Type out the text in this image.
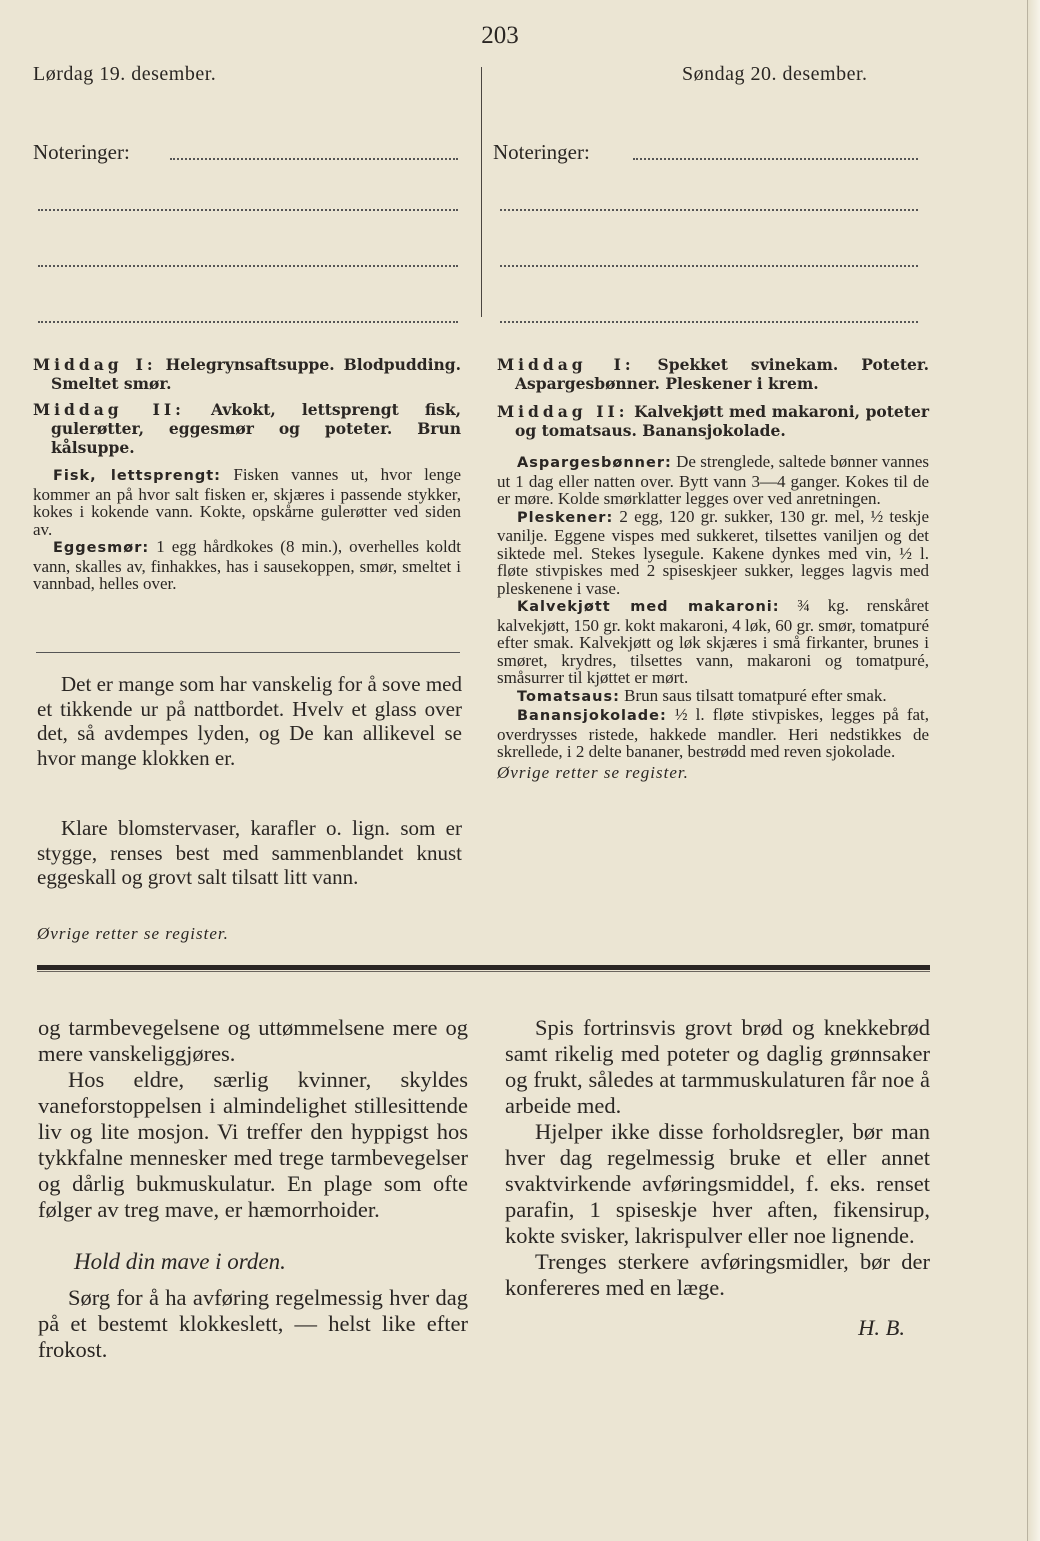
203
Lørdag 19. desember.	Søndag 20. desember.
Noteringer:	Noteringer:

Middag I: Helegrynsaftsuppe. Blodpudding. Smeltet smør.

Middag II: Avkokt, lettsprengt fisk, gulerøtter, eggesmør og poteter. Brun kålsuppe.

Fisk, lettsprengt: Fisken vannes ut, hvor lenge kommer an på hvor salt fisken er, skjæres i passende stykker, kokes i kokende vann. Kokte, opskårne gulerøtter ved siden av.

Eggesmør: 1 egg hårdkokes (8 min.), overhelles koldt vann, skalles av, finhakkes, has i sausekoppen, smør, smeltet i vannbad, helles over.

Det er mange som har vanskelig for å sove med et tikkende ur på nattbordet. Hvelv et glass over det, så avdempes lyden, og De kan allikevel se hvor mange klokken er.

Klare blomstervaser, karafler o. lign. som er stygge, renses best med sammenblandet knust eggeskall og grovt salt tilsatt litt vann.

Øvrige retter se register.

Middag I: Spekket svinekam. Poteter. Aspargesbønner. Pleskener i krem.

Middag II: Kalvekjøtt med makaroni, poteter og tomatsaus. Banansjokolade.

Aspargesbønner: De strenglede, saltede bønner vannes ut 1 dag eller natten over. Bytt vann 3—4 ganger. Kokes til de er møre. Kolde smørklatter legges over ved anretningen.

Pleskener: 2 egg, 120 gr. sukker, 130 gr. mel, ½ teskje vanilje. Eggene vispes med sukkeret, tilsettes vaniljen og det siktede mel. Stekes lysegule. Kakene dynkes med vin, ½ l. fløte stivpiskes med 2 spiseskjeer sukker, legges lagvis med pleskenene i vase.

Kalvekjøtt med makaroni: ¾ kg. renskåret kalvekjøtt, 150 gr. kokt makaroni, 4 løk, 60 gr. smør, tomatpuré efter smak. Kalvekjøtt og løk skjæres i små firkanter, brunes i smøret, krydres, tilsettes vann, makaroni og tomatpuré, småsurrer til kjøttet er mørt.

Tomatsaus: Brun saus tilsatt tomatpuré efter smak.

Banansjokolade: ½ l. fløte stivpiskes, legges på fat, overdrysses ristede, hakkede mandler. Heri nedstikkes de skrellede, i 2 delte bananer, bestrødd med reven sjokolade.

Øvrige retter se register.

og tarmbevegelsene og uttømmelsene mere og mere vanskeliggjøres.

Hos eldre, særlig kvinner, skyldes vaneforstoppelsen i almindelighet stillesittende liv og lite mosjon. Vi treffer den hyppigst hos tykkfalne mennesker med trege tarmbevegelser og dårlig bukmuskulatur. En plage som ofte følger av treg mave, er hæmorrhoider.

Hold din mave i orden.

Sørg for å ha avføring regelmessig hver dag på et bestemt klokkeslett, — helst like efter frokost.

Spis fortrinsvis grovt brød og knekkebrød samt rikelig med poteter og daglig grønnsaker og frukt, således at tarmmuskulaturen får noe å arbeide med.

Hjelper ikke disse forholdsregler, bør man hver dag regelmessig bruke et eller annet svaktvirkende avføringsmiddel, f. eks. renset parafin, 1 spiseskje hver aften, fikensirup, kokte svisker, lakrispulver eller noe lignende.

Trenges sterkere avføringsmidler, bør der konfereres med en læge.

H. B.
